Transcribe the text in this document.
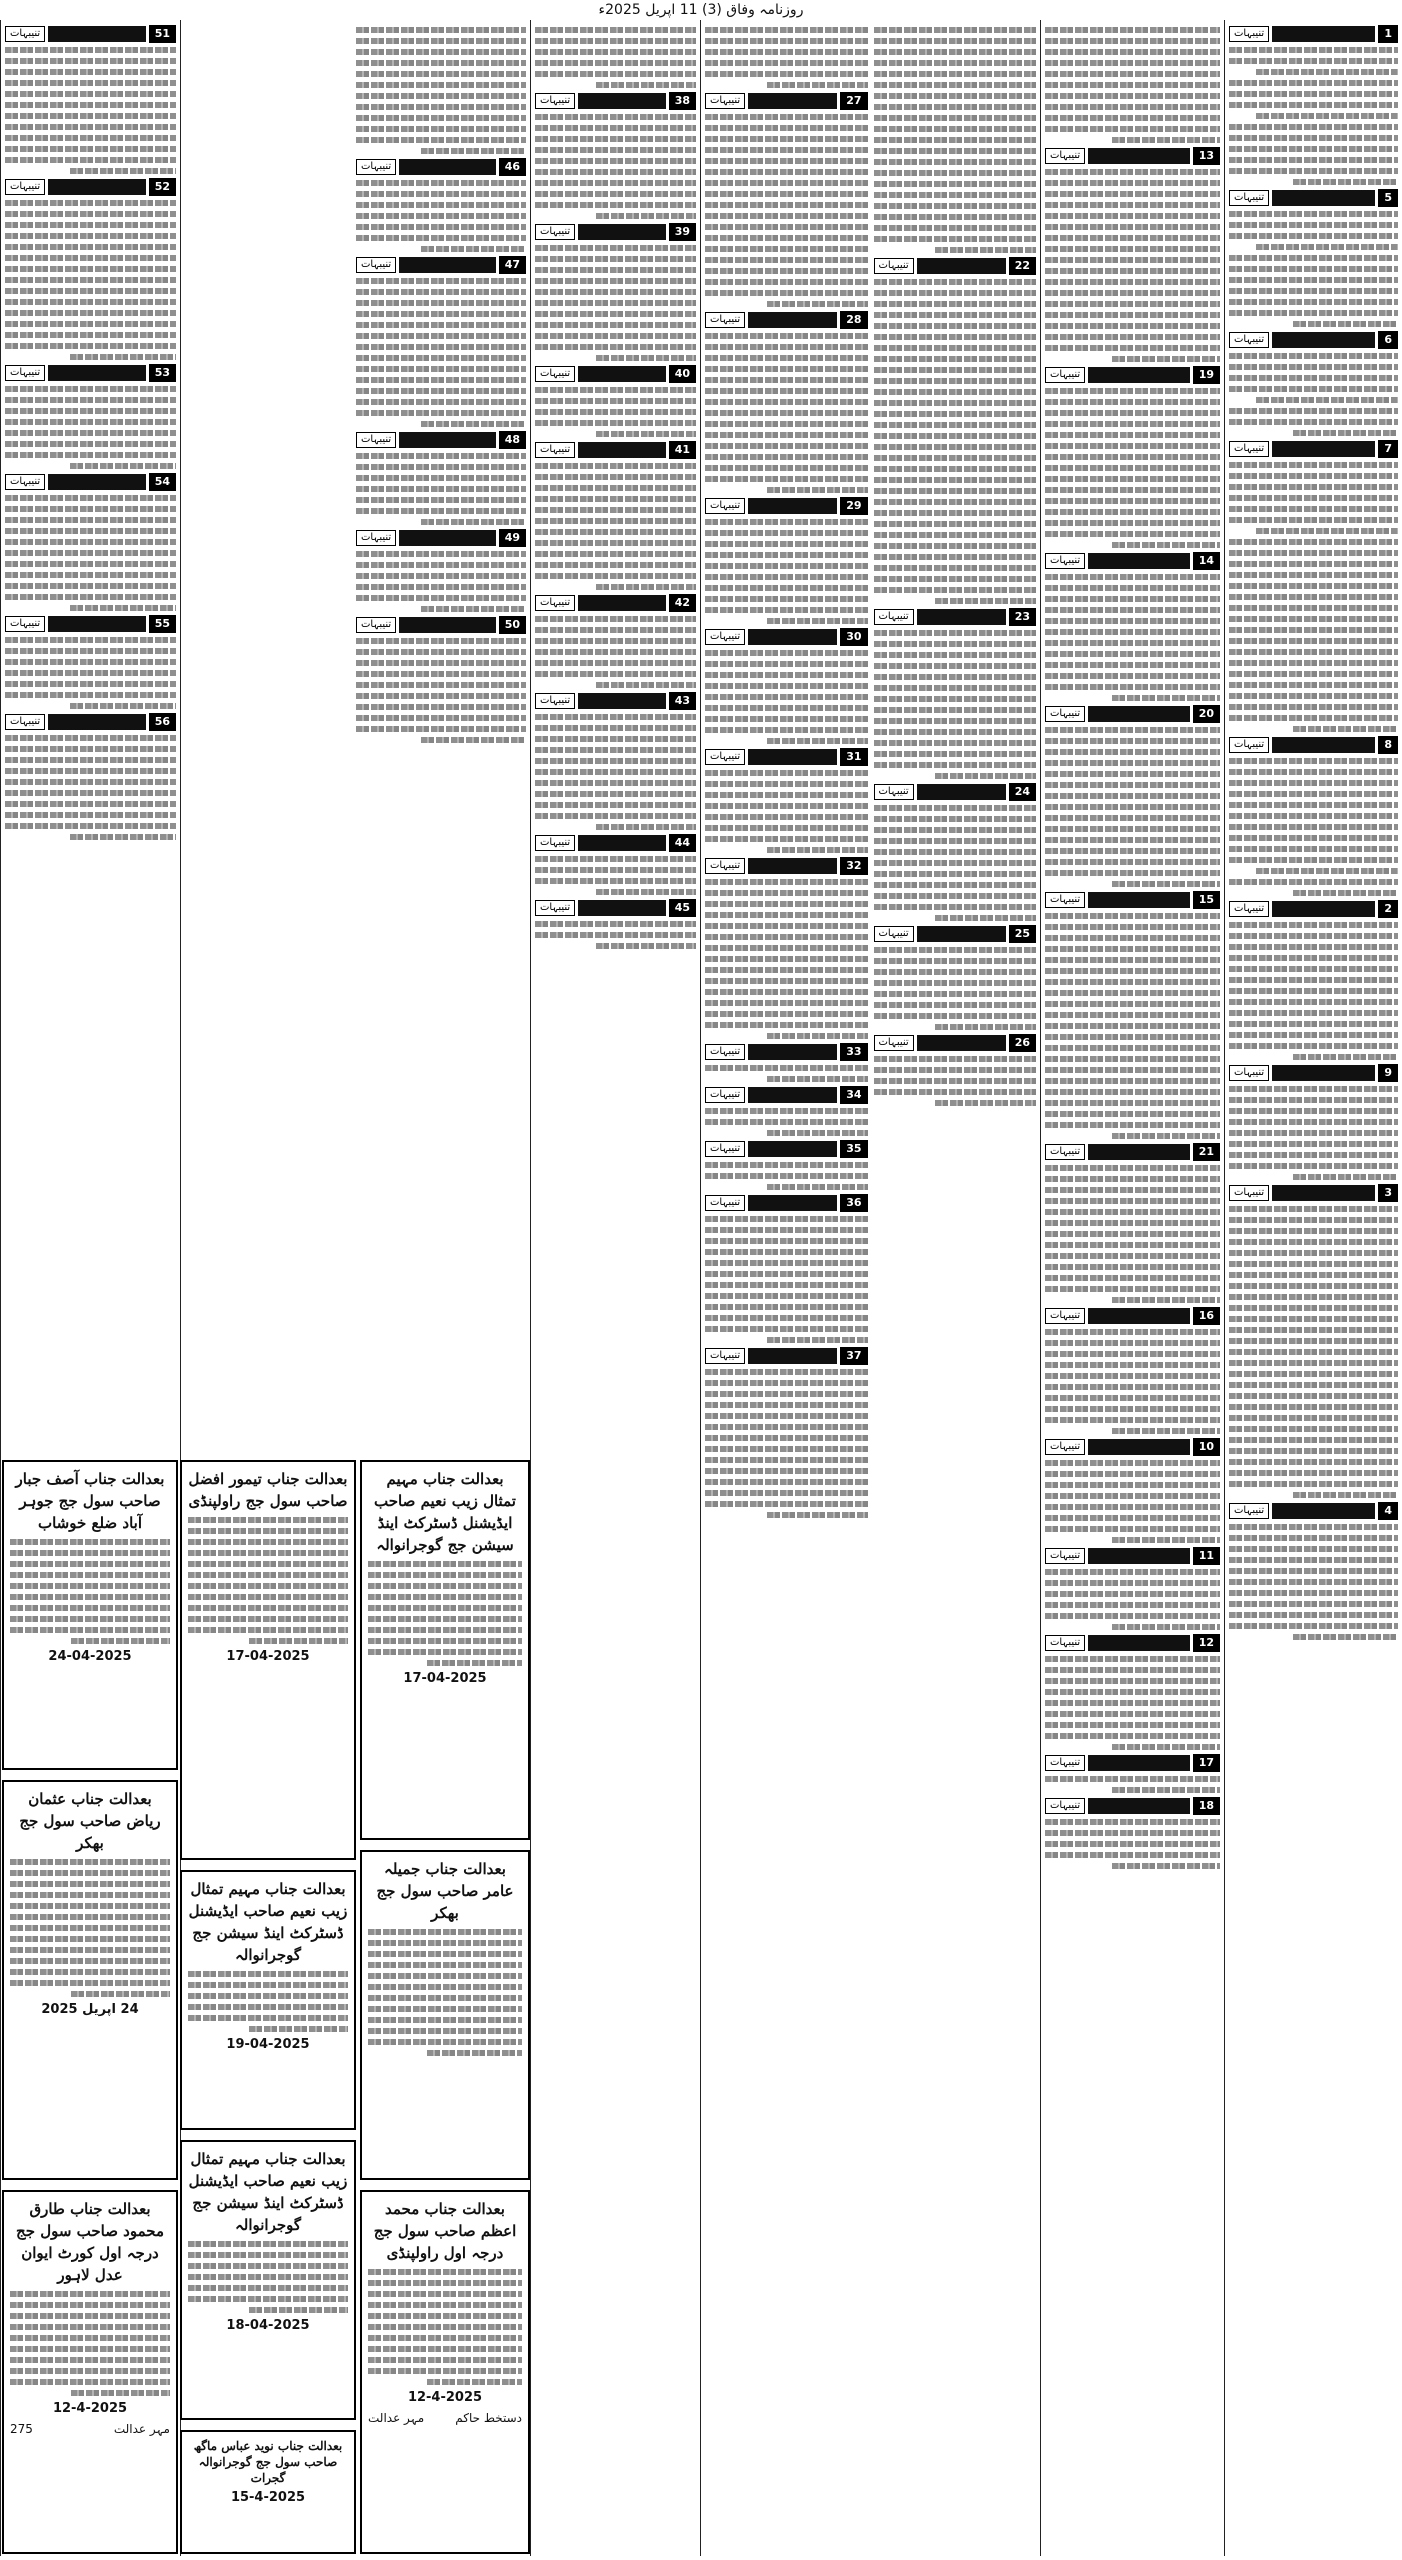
روزنامہ وفاق (3) 11 اپریل 2025ء
تنیبہات	1
تنیبہات	5
تنیبہات	6
تنیبہات	7
تنیبہات	8
تنیبہات	2
تنیبہات	9
تنیبہات	3
تنیبہات	4
تنیبہات	13
تنیبہات	19
تنیبہات	14
تنیبہات	20
تنیبہات	15
تنیبہات	21
تنیبہات	16
تنیبہات	10
تنیبہات	11
تنیبہات	12
تنیبہات	17
تنیبہات	18
تنیبہات	22
تنیبہات	23
تنیبہات	24
تنیبہات	25
تنیبہات	26
تنیبہات	27
تنیبہات	28
تنیبہات	29
تنیبہات	30
تنیبہات	31
تنیبہات	32
تنیبہات	33
تنیبہات	34
تنیبہات	35
تنیبہات	36
تنیبہات	37
تنیبہات	38
تنیبہات	39
تنیبہات	40
تنیبہات	41
تنیبہات	42
تنیبہات	43
تنیبہات	44
تنیبہات	45
تنیبہات	46
تنیبہات	47
تنیبہات	48
تنیبہات	49
تنیبہات	50
تنیبہات	51
تنیبہات	52
تنیبہات	53
تنیبہات	54
تنیبہات	55
تنیبہات	56
بعدالت جناب تیمور افضل صاحب سول جج راولپنڈی
17-04-2025
بعدالت جناب مہیم تمثال زیب نعیم صاحب ایڈیشنل ڈسٹرکٹ اینڈ سیشن جج گوجرانوالہ
17-04-2025
بعدالت جناب آصف جبار صاحب سول جج جوہر آباد ضلع خوشاب
24-04-2025
بعدالت جناب مہیم تمثال زیب نعیم صاحب ایڈیشنل ڈسٹرکٹ اینڈ سیشن جج گوجرانوالہ
19-04-2025
بعدالت جناب عثمان ریاض صاحب سول جج بھکر
24 اپریل 2025
بعدالت جناب جمیلہ عامر صاحب سول جج بھکر
بعدالت جناب مہیم تمثال زیب نعیم صاحب ایڈیشنل ڈسٹرکٹ اینڈ سیشن جج گوجرانوالہ
18-04-2025
بعدالت جناب محمد اعظم صاحب سول جج درجہ اول راولپنڈی
12-4-2025
دستخط حاکم
مہر عدالت
بعدالت جناب نوید عباس ماگھ صاحب سول جج گوجرانوالہ گجرات
15-4-2025
بعدالت جناب طارق محمود صاحب سول جج درجہ اول کورٹ ایوان عدل لاہور
12-4-2025
مہر عدالت
275
